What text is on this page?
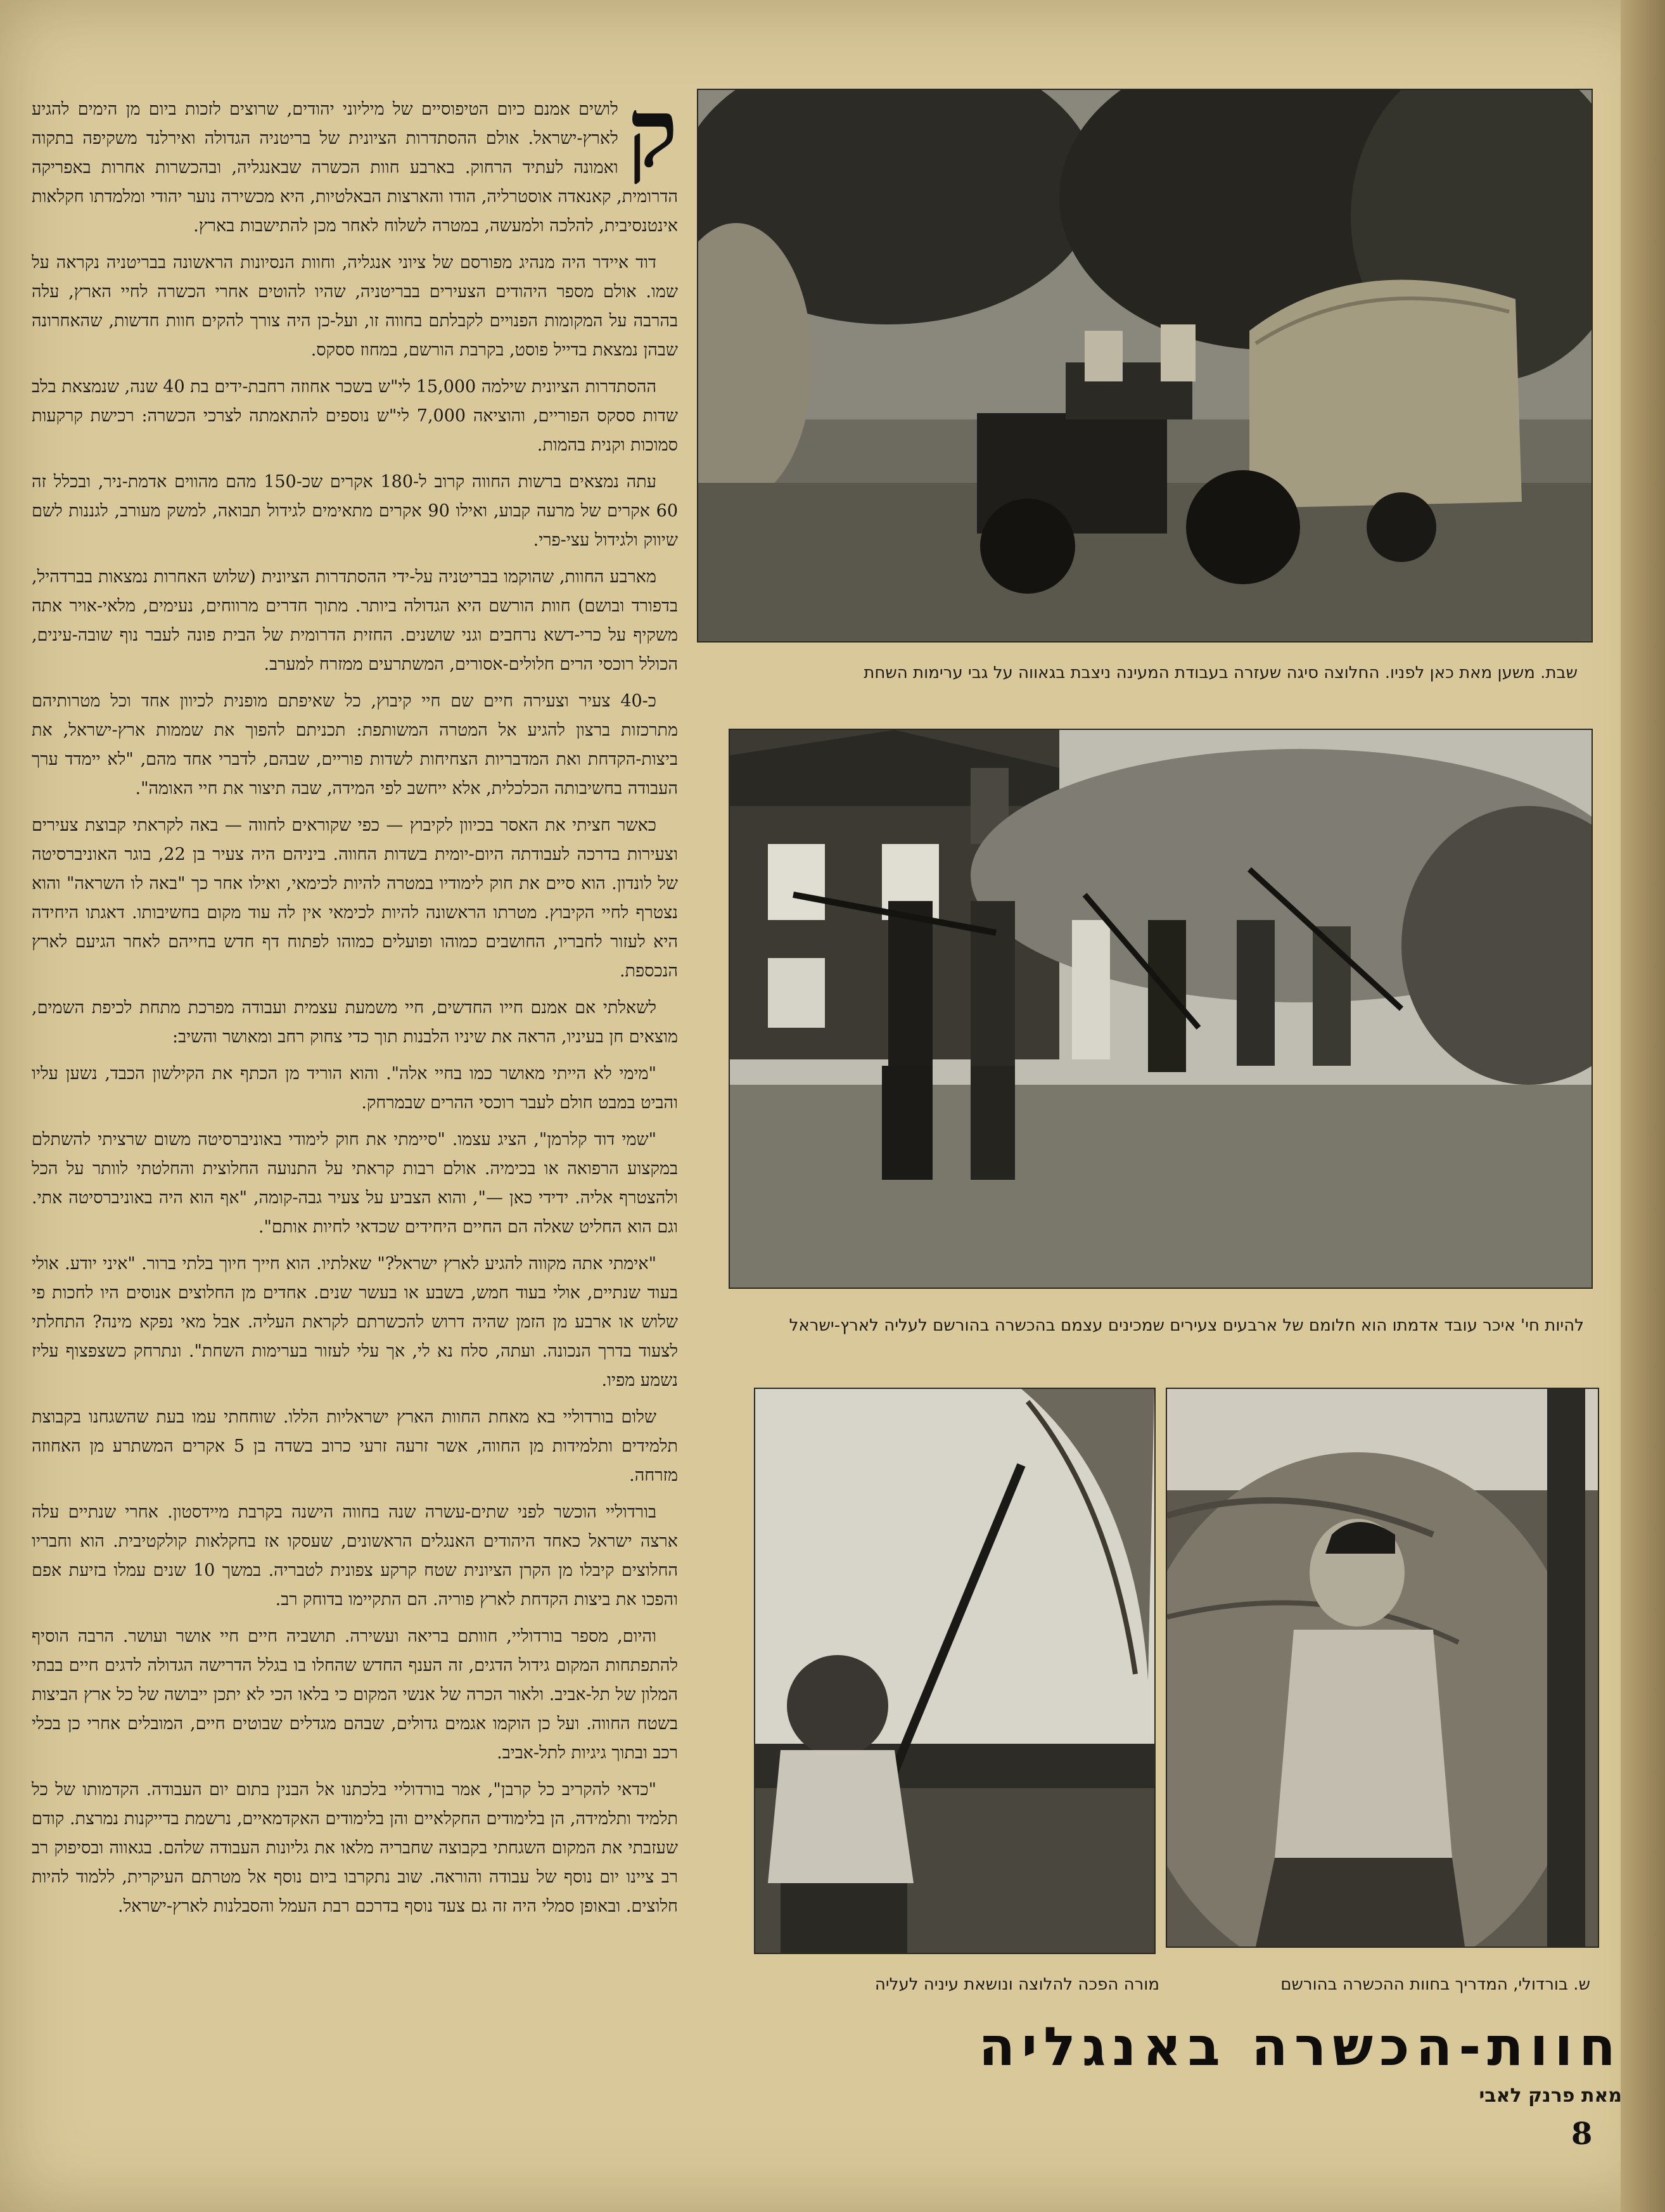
ק
לושים אמנם כיום הטיפוסיים של מיליוני יהודים, שרוצים לזכות ביום מן הימים להגיע לארץ-ישראל. אולם ההסתדרות הציונית של בריטניה הגדולה ואירלנד משקיפה בתקוה ואמונה לעתיד הרחוק. בארבע חוות הכשרה שבאנגליה, ובהכשרות אחרות באפריקה הדרומית, קאנאדה אוסטרליה, הודו והארצות הבאלטיות, היא מכשירה נוער יהודי ומלמדתו חקלאות אינטנסיבית, להלכה ולמעשה, במטרה לשלוח לאחר מכן להתישבות בארץ.

דוד איידר היה מנהיג מפורסם של ציוני אנגליה, וחוות הנסיונות הראשונה בבריטניה נקראה על שמו. אולם מספר היהודים הצעירים בבריטניה, שהיו להוטים אחרי הכשרה לחיי הארץ, עלה בהרבה על המקומות הפנויים לקבלתם בחווה זו, ועל-כן היה צורך להקים חוות חדשות, שהאחרונה שבהן נמצאת בדייל פוסט, בקרבת הורשם, במחוז ססקס.

ההסתדרות הציונית שילמה 15,000 לי"ש בשכר אחוזה רחבת-ידים בת 40 שנה, שנמצאת בלב שדות ססקס הפוריים, והוציאה 7,000 לי"ש נוספים להתאמתה לצרכי הכשרה: רכישת קרקעות סמוכות וקנית בהמות.

עתה נמצאים ברשות החווה קרוב ל-180 אקרים שכ-150 מהם מהווים אדמת-ניר, ובכלל זה 60 אקרים של מרעה קבוע, ואילו 90 אקרים מתאימים לגידול תבואה, למשק מעורב, לגננות לשם שיווק ולגידול עצי-פרי.

מארבע החוות, שהוקמו בבריטניה על-ידי ההסתדרות הציונית (שלוש האחרות נמצאות בברדהיל, בדפורד ובושם) חוות הורשם היא הגדולה ביותר. מתוך חדרים מרווחים, נעימים, מלאי-אויר אתה משקיף על כרי-דשא נרחבים וגני שושנים. החזית הדרומית של הבית פונה לעבר נוף שובה-עינים, הכולל רוכסי הרים חלולים-אסורים, המשתרעים ממזרח למערב.

כ-40 צעיר וצעירה חיים שם חיי קיבוץ, כל שאיפתם מופנית לכיוון אחד וכל מטרותיהם מתרכזות ברצון להגיע אל המטרה המשותפת: תכניתם להפוך את שממות ארץ-ישראל, את ביצות-הקדחת ואת המדבריות הצחיחות לשדות פוריים, שבהם, לדברי אחד מהם, "לא יימדד ערך העבודה בחשיבותה הכלכלית, אלא ייחשב לפי המידה, שבה תיצור את חיי האומה".

כאשר חציתי את האסר בכיוון לקיבוץ — כפי שקוראים לחווה — באה לקראתי קבוצת צעירים וצעירות בדרכה לעבודתה היום-יומית בשדות החווה. ביניהם היה צעיר בן 22, בוגר האוניברסיטה של לונדון. הוא סיים את חוק לימודיו במטרה להיות לכימאי, ואילו אחר כך "באה לו השראה" והוא נצטרף לחיי הקיבוץ. מטרתו הראשונה להיות לכימאי אין לה עוד מקום בחשיבותו. דאגתו היחידה היא לעזור לחבריו, החושבים כמוהו ופועלים כמוהו לפתוח דף חדש בחייהם לאחר הגיעם לארץ הנכספת.

לשאלתי אם אמנם חייו החדשים, חיי משמעת עצמית ועבודה מפרכת מתחת לכיפת השמים, מוצאים חן בעיניו, הראה את שיניו הלבנות תוך כדי צחוק רחב ומאושר והשיב:

"מימי לא הייתי מאושר כמו בחיי אלה". והוא הוריד מן הכתף את הקילשון הכבד, נשען עליו והביט במבט חולם לעבר רוכסי ההרים שבמרחק.

"שמי דוד קלרמן", הציג עצמו. "סיימתי את חוק לימודי באוניברסיטה משום שרציתי להשתלם במקצוע הרפואה או בכימיה. אולם רבות קראתי על התנועה החלוצית והחלטתי לוותר על הכל ולהצטרף אליה. ידידי כאן —", והוא הצביע על צעיר גבה-קומה, "אף הוא היה באוניברסיטה אתי. וגם הוא החליט שאלה הם החיים היחידים שכדאי לחיות אותם".

"אימתי אתה מקווה להגיע לארץ ישראל?" שאלתיו. הוא חייך חיוך בלתי ברור. "איני יודע. אולי בעוד שנתיים, אולי בעוד חמש, בשבע או בעשר שנים. אחדים מן החלוצים אנוסים היו לחכות פי שלוש או ארבע מן הזמן שהיה דרוש להכשרתם לקראת העליה. אבל מאי נפקא מינה? התחלתי לצעוד בדרך הנכונה. ועתה, סלח נא לי, אך עלי לעזור בערימות השחת". ונתרחק כשצפצוף עליז נשמע מפיו.

שלום בורדוליי בא מאחת החוות הארץ ישראליות הללו. שוחחתי עמו בעת שהשגחנו בקבוצת תלמידים ותלמידות מן החווה, אשר זרעה זרעי כרוב בשדה בן 5 אקרים המשתרע מן האחוזה מזרחה.

בורדוליי הוכשר לפני שתים-עשרה שנה בחווה הישנה בקרבת מיידסטון. אחרי שנתיים עלה ארצה ישראל כאחד היהודים האנגלים הראשונים, שעסקו אז בחקלאות קולקטיבית. הוא וחבריו החלוצים קיבלו מן הקרן הציונית שטח קרקע צפונית לטבריה. במשך 10 שנים עמלו בזיעת אפם והפכו את ביצות הקדחת לארץ פוריה. הם התקיימו בדוחק רב.

והיום, מספר בורדוליי, חוותם בריאה ועשירה. תושביה חיים חיי אושר ועושר. הרבה הוסיף להתפתחות המקום גידול הדגים, זה הענף החדש שהחלו בו בגלל הדרישה הגדולה לדגים חיים בבתי המלון של תל-אביב. ולאור הכרה של אנשי המקום כי בלאו הכי לא יתכן ייבושה של כל ארץ הביצות בשטח החווה. ועל כן הוקמו אגמים גדולים, שבהם מגדלים שבוטים חיים, המובלים אחרי כן בכלי רכב ובתוך גיגיות לתל-אביב.

"כדאי להקריב כל קרבן", אמר בורדוליי בלכתנו אל הבנין בתום יום העבודה. הקדמותו של כל תלמיד ותלמידה, הן בלימודים החקלאיים והן בלימודים האקדמאיים, נרשמת בדייקנות נמרצת. קודם שעזבתי את המקום השגחתי בקבוצה שחבריה מלאו את גליונות העבודה שלהם. בגאווה ובסיפוק רב רב ציינו יום נוסף של עבודה והוראה. שוב נתקרבו ביום נוסף אל מטרתם העיקרית, ללמוד להיות חלוצים. ובאופן סמלי היה זה גם צעד נוסף בדרכם רבת העמל והסבלנות לארץ-ישראל.

שבת. משען מאת כאן לפניו. החלוצה סיגה שעזרה בעבודת המעינה ניצבת בגאווה על גבי ערימות השחת
להיות חי' איכר עובד אדמתו הוא חלומם של ארבעים צעירים שמכינים עצמם בהכשרה בהורשם לעליה לארץ-ישראל
מורה הפכה להלוצה ונושאת עיניה לעליה	ש. בורדולי, המדריך בחוות ההכשרה בהורשם
חוות-הכשרה באנגליה
מאת פרנק לאבי
8
